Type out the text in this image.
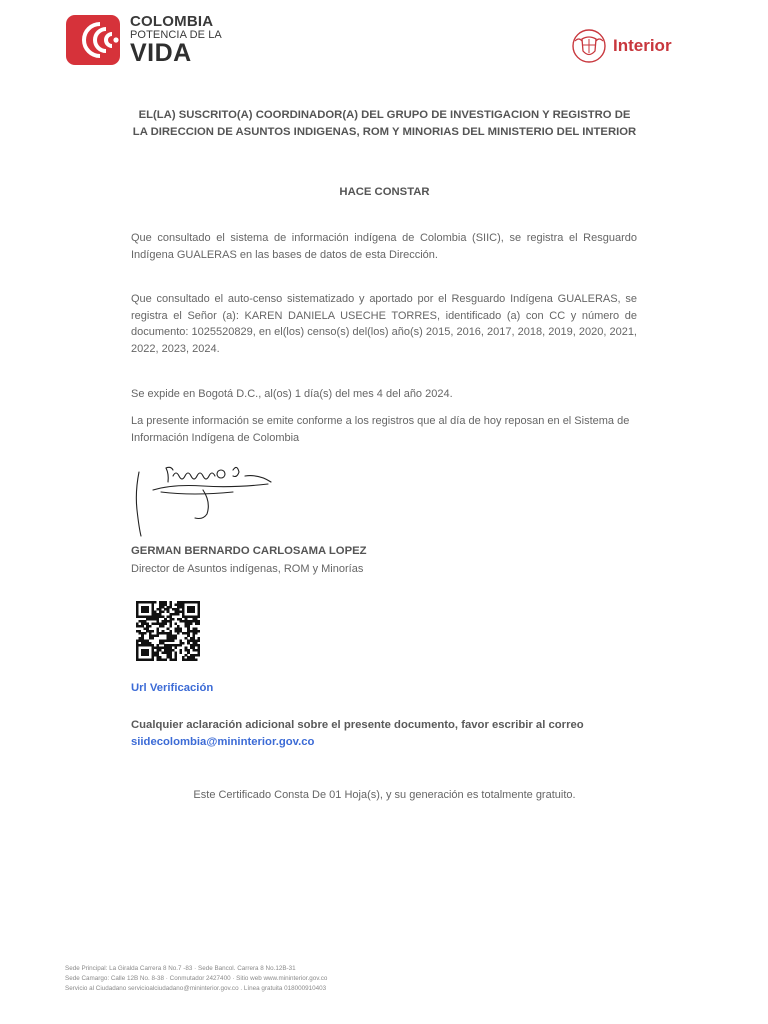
COLOMBIA
POTENCIA DE LA
VIDA	Interior
EL(LA) SUSCRITO(A) COORDINADOR(A) DEL GRUPO DE INVESTIGACION Y REGISTRO DE LA DIRECCION DE ASUNTOS INDIGENAS, ROM Y MINORIAS DEL MINISTERIO DEL INTERIOR
HACE CONSTAR
Que consultado el sistema de información indígena de Colombia (SIIC), se registra el Resguardo Indígena GUALERAS en las bases de datos de esta Dirección.
Que consultado el auto-censo sistematizado y aportado por el Resguardo Indígena GUALERAS, se registra el Señor (a): KAREN DANIELA USECHE TORRES, identificado (a) con CC y número de documento: 1025520829, en el(los) censo(s) del(los) año(s) 2015, 2016, 2017, 2018, 2019, 2020, 2021, 2022, 2023, 2024.
Se expide en Bogotá D.C., al(os) 1 día(s) del mes 4 del año 2024.
La presente información se emite conforme a los registros que al día de hoy reposan en el Sistema de Información Indígena de Colombia
GERMAN BERNARDO CARLOSAMA LOPEZ
Director de Asuntos indígenas, ROM y Minorías
Url Verificación
Cualquier aclaración adicional sobre el presente documento, favor escribir al correo
siidecolombia@mininterior.gov.co
Este Certificado Consta De 01 Hoja(s), y su generación es totalmente gratuito.
Sede Principal: La Giralda Carrera 8 No.7 -83 · Sede Bancol. Carrera 8 No.12B-31
Sede Camargo: Calle 12B No. 8-38 · Conmutador 2427400 · Sitio web www.mininterior.gov.co
Servicio al Ciudadano servicioalciudadano@mininterior.gov.co . Línea gratuita 018000910403
